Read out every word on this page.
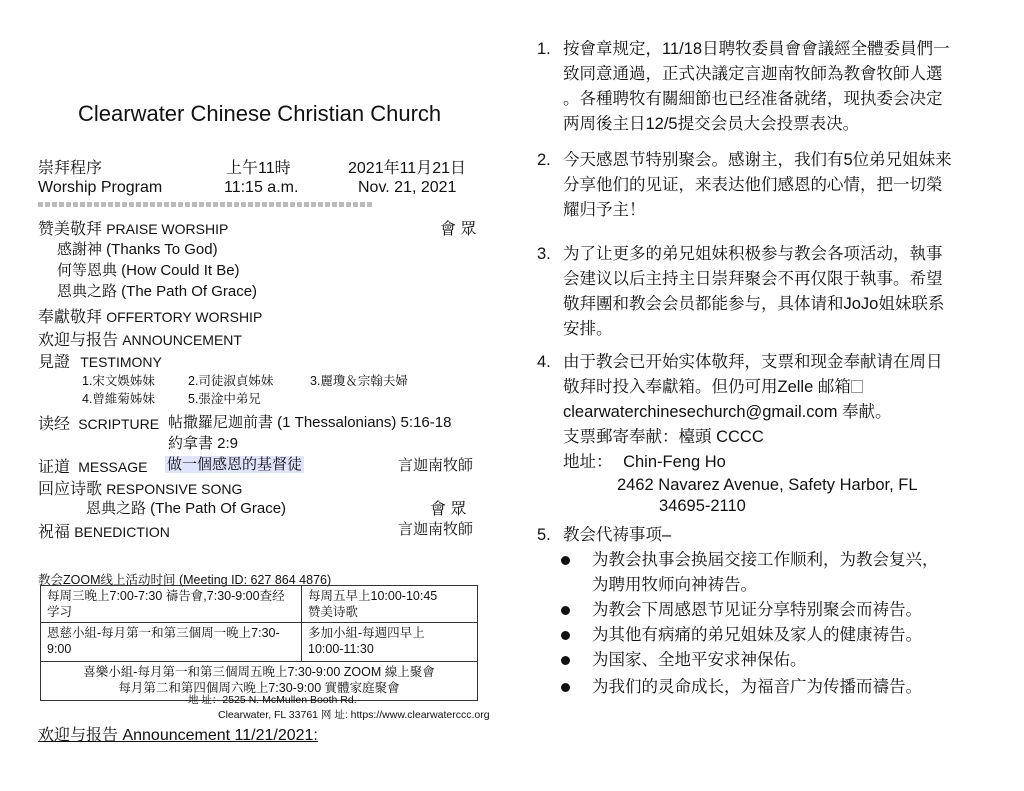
Clearwater Chinese Christian Church
崇拜程序	上午11時	2021年11月21日
Worship Program	11:15 a.m.	Nov. 21, 2021
赞美敬拜 PRAISE WORSHIP	會 眾
感謝神 (Thanks To God)
何等恩典 (How Could It Be)
恩典之路 (The Path Of Grace)
奉獻敬拜 OFFERTORY WORSHIP
欢迎与报告 ANNOUNCEMENT
見證 TESTIMONY
1.宋文娛姊妹	2.司徒淑貞姊妹	3.麗瓊＆宗翰夫婦
4.曾維菊姊妹	5.張淦中弟兄
读经 SCRIPTURE 帖撒羅尼迦前書 (1 Thessalonians) 5:16-18
約拿書 2:9
证道 MESSAGE 做一個感恩的基督徒	言迦南牧師
回应诗歌 RESPONSIVE SONG
恩典之路 (The Path Of Grace)	會 眾
祝福 BENEDICTION	言迦南牧師
教会ZOOM线上活动时间 (Meeting ID: 627 864 4876)
每周三晚上7:00-7:30 禱告會,7:30-9:00查经学习	每周五早上10:00-10:45
赞美诗歌
恩慈小組-每月第一和第三個周一晚上7:30-9:00	多加小組-每週四早上
10:00-11:30
喜樂小組-每月第一和第三個周五晚上7:30-9:00 ZOOM 線上聚會
每月第二和第四個周六晚上7:30-9:00 實體家庭聚會	
地 址：2525 N. McMullen Booth Rd.
Clearwater, FL 33761 网 址: https://www.clearwaterccc.org
欢迎与报告 Announcement 11/21/2021:
1. 按會章规定，11/18日聘牧委員會會議經全體委員們一
致同意通過，正式决議定言迦南牧師為教會牧師人選
。各種聘牧有關細節也已经准备就绪，现执委会决定
两周後主日12/5提交会员大会投票表决。
2. 今天感恩节特别聚会。感谢主，我们有5位弟兄姐妹来
分享他们的见证，来表达他们感恩的心情，把一切榮
耀归予主！
3. 为了让更多的弟兄姐妹积极参与教会各项活动，執事
会建议以后主持主日崇拜聚会不再仅限于執事。希望
敬拜團和教会会员都能参与，具体请和JoJo姐妹联系
安排。
4. 由于教会已开始实体敬拜，支票和现金奉献请在周日
敬拜时投入奉獻箱。但仍可用Zelle 邮箱
clearwaterchinesechurch@gmail.com 奉献。
支票郵寄奉献：檯頭 CCCC
地址： Chin-Feng Ho
2462 Navarez Avenue, Safety Harbor, FL
34695-2110
5. 教会代祷事项–
为教会执事会换屆交接工作顺利，为教会复兴，
为聘用牧师向神祷告。
为教会下周感恩节见证分享特别聚会而祷告。
为其他有病痛的弟兄姐妹及家人的健康祷告。
为国家、全地平安求神保佑。
为我们的灵命成长，为福音广为传播而禱告。
